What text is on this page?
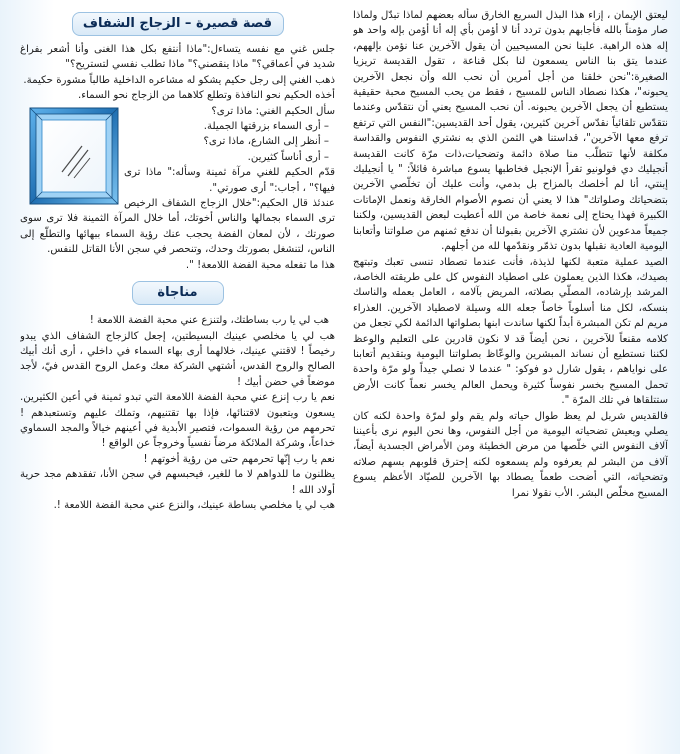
ليعتق الإيمان ، إزاء هذا البذل السريع الخارق سأله بعضهم لماذا تبدّل ولماذا صار مؤمناً بالله فأجابهم بدون تردد أنا لا أؤمن بأي إله أنا أؤمن بإله واحد هو إله هذه الراهبة. علينا نحن المسيحيين أن يقول الآخرين عنا نؤمن بإلههم، عندما يتق بنا الناس يسمعون لنا بكل قناعة ، تقول القديسة تريزيا الصغيرة:"نحن خلقنا من أجل أمرين أن نحب الله وأن نجعل الآخرين يحبونه"، هكذا نصطاد الناس للمسيح ، فقط من يحب المسيح محبة حقيقية يستطيع أن يجعل الآخرين يحبونه. أن نحب المسيح يعني أن نتقدّس وعندما نتقدّس تلقائياً نقدّس آخرين كثيرين، يقول أحد القديسين:"النفس التي ترتفع ترفع معها الآخرين"، قداستنا هي الثمن الذي به نشتري النفوس والقداسة مكلفة لأنها تتطلّب منا صلاة دائمة وتضحيات،ذات مرّة كانت القديسة أنجيليك دي فولونيو تقرأ الإنجيل فخاطبها يسوع مباشرة قائلاً: " يا أنجيليك إبنتي، أنا لم أخلصك بالمزاح بل بدمي، وأنت عليك أن تخلّصي الآخرين بتضحياتك وصلواتك" هذا لا يعني أن نصوم الأصوام الخارقة ونعمل الإماتات الكبيرة فهذا يحتاج إلى نعمة خاصة من الله أعطيت لبعض القديسين، ولكننا جميعاً مدعوين لأن نشتري الآخرين بقبولنا أن ندفع ثمنهم من صلواتنا وأتعابنا اليومية العادية نقبلها بدون تذمّر ونقدّمها لله من أجلهم.

الصيد عملية متعبة لكنها لذيذة، فأنت عندما تصطاد تنسى تعبك وتبتهج بصيدك، هكذا الذين يعملون على اصطياد النفوس كل على طريقته الخاصة، المرشد بإرشاده، المصلّي بصلاته، المريض بآلامه ، العامل بعمله والناسك بنسكه، لكل منا أسلوباً خاصاً جعله الله وسيلة لاصطياد الآخرين. العذراء مريم لم تكن المبشرة أبداً لكنها ساندت ابنها بصلواتها الدائمة لكي تجعل من كلامه مقنعاً للآخرين ، نحن أيضاً قد لا نكون قادرين على التعليم والوعظ لكننا نستطيع أن نساند المبشرين والوعّاظ بصلواتنا اليومية وبتقديم أتعابنا على نواياهم ، يقول شارل دو فوكو: " عندما لا نصلي جيداً ولو مرّة واحدة تحمل المسيح بخسر نفوساً كثيرة ويحمل العالم يخسر نعماً كانت الأرض ستتلقاها في تلك المرّة ".

فالقديس شربل لم يعظ طوال حياته ولم يقم ولو لمرّة واحدة لكنه كان يصلي ويعيش تضحياته اليومية من أجل النفوس، وها نحن اليوم نرى بأعيننا آلاف النفوس التي خلّصها من مرض الخطيئة ومن الأمراض الجسدية أيضاً، آلاف من البشر لم يعرفوه ولم يسمعوه لكنه إحترق قلوبهم بسهم صلاته وتضحياته، التي أضحت طعماً يصطاد بها الآخرين للصيّاد الأعظم يسوع المسيح مخلّص البشر. الأب نقولا نمرا

قصة قصيرة – الزجاج الشفاف

جلس غني مع نفسه يتساءل:"ماذا أنتفع بكل هذا الغنى وأنا أشعر بفراغ شديد في أعماقي؟" ماذا ينقصني؟" ماذا تطلب نفسي لتستريح؟"

ذهب الغني إلى رجل حكيم يشكو له مشاعره الداخلية طالباً مشورة حكيمة.

أخذه الحكيم نحو النافذة وتطلع كلاهما من الزجاج نحو السماء.

سأل الحكيم الغني: ماذا ترى؟

– أرى السماء بزرقتها الجميلة.

– أنظر إلى الشارع، ماذا ترى؟

– أرى أناساً كثيرين.

قدّم الحكيم للغني مرآة ثمينة وسأله:" ماذا ترى فيها؟" ، أجاب:" أرى صورتي".

عندئذ قال الحكيم:"خلال الزجاج الشفاف الرخيص ترى السماء بجمالها والناس أخوتك، أما خلال المرآة الثمينة فلا ترى سوى صورتك ، لأن لمعان الفضة يحجب عنك رؤية السماء ببهائها والتطلّع إلى الناس، لتنشغل بصورتك وحدك، وتنحصر في سجن الأنا القاتل للنفس.

هذا ما تفعله محبة الفضة اللامعة! ".

مناجاة

هب لي يا رب بساطتك، ولتنزع عني محبة الفضة اللامعة !

هب لي يا مخلصي عينيك البسيطتين، إجعل كالزجاج الشفاف الذي يبدو رخيصاً ! لاقتني عينيك، خلالهما أرى بهاء السماء في داخلي ، أرى أنك أبيك الصالح والروح القدس، أشتهي الشركة معك وعمل الروح القدس فيّ، لأجد موضعاً في حضن أبيك !

نعم يا رب إنزع عني محبة الفضة اللامعة التي تبدو ثمينة في أعين الكثيرين. يسعون ويتعبون لاقتنائها، فإذا بها تقتنيهم، وتملك عليهم وتستعبدهم ! تحرمهم من رؤية السموات، فتصير الأبدية في أعينهم خيالاً والمجد السماوي خداعاً، وشركة الملائكة مرضاً نفسياً وخروجاً عن الواقع !

نعم يا رب إنّها تحرمهم حتى من رؤية أخوتهم !

يظلنون ما للدواهم لا ما للغير، فيحبسهم في سجن الأنا، تفقدهم مجد حرية أولاد الله !

هب لي يا مخلصي بساطة عينيك، والنزع عني محبة الفضة اللامعة !.
